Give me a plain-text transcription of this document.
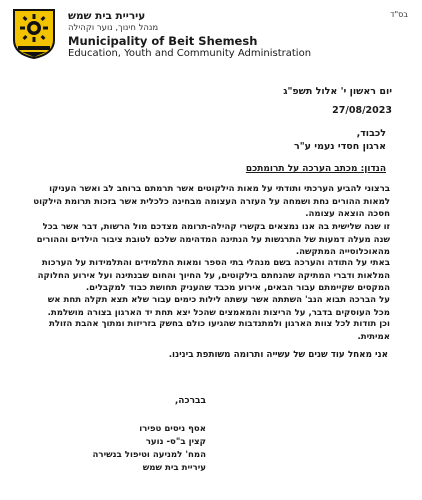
עיריית בית שמש
מנהל חינוך, נוער וקהילה
Municipality of Beit Shemesh
Education, Youth and Community Administration
בס"ד
יום ראשון י' אלול תשפ"ג
27/08/2023
לכבוד,
ארגון חסדי נעמי ע"ר
הנדון: מכתב הערכה על תרומתכם
ברצוני להביע הערכתי ותודתי על מאות הילקוטים אשר תרמתם ברוחב לב ואשר העניקו למאות ההורים נחת ושמחה על העזרה העצומה מבחינה כלכלית אשר בזכות תרומת הילקוט חסכה הוצאה עצומה.
זו שנה שלישית בה אנו נמצאים בקשרי קהילה-תרומה מצדכם מול הרשות, דבר אשר בכל שנה מעלה דמעות של התרגשות על הנתינה המדהימה שלכם לטובת ציבור הילדים וההורים מהאוכלוסייה המתקשה.
באתי על התודה והערכה בשם מנהלי בתי הספר ומאות התלמידים והתלמידות על הערכות המלאות ודברי המתיקה שהנחתם בילקוטים, על החיוך והחום שבנתינה ועל אירוע החלוקה המקסים שקיימתם עבור הבאים, אירוע מכבד שהעניק תחושת כבוד למקבלים.
על הברכה תבוא הנב' השתתה אשר עשתה לילות כימים עבור שלא תצא תקלה תחת אש מכל העוסקים בדבר, על הריצות והמאמצים שהכל יצא תחת יד הארגון בצורה מושלמת.
וכן תודות לכל צוות הארגון ולמתנדבות שהגיעו כולם בחשק בזריזות ומתוך אהבת הזולת אמיתית.
אני מאחל עוד שנים של עשייה ותרומה משותפת בינינו.
בברכה,
אסף ניסים טפירו
קצין ב"ס- נוער
המח' למניעה וטיפול בנשירה
עיריית בית שמש
